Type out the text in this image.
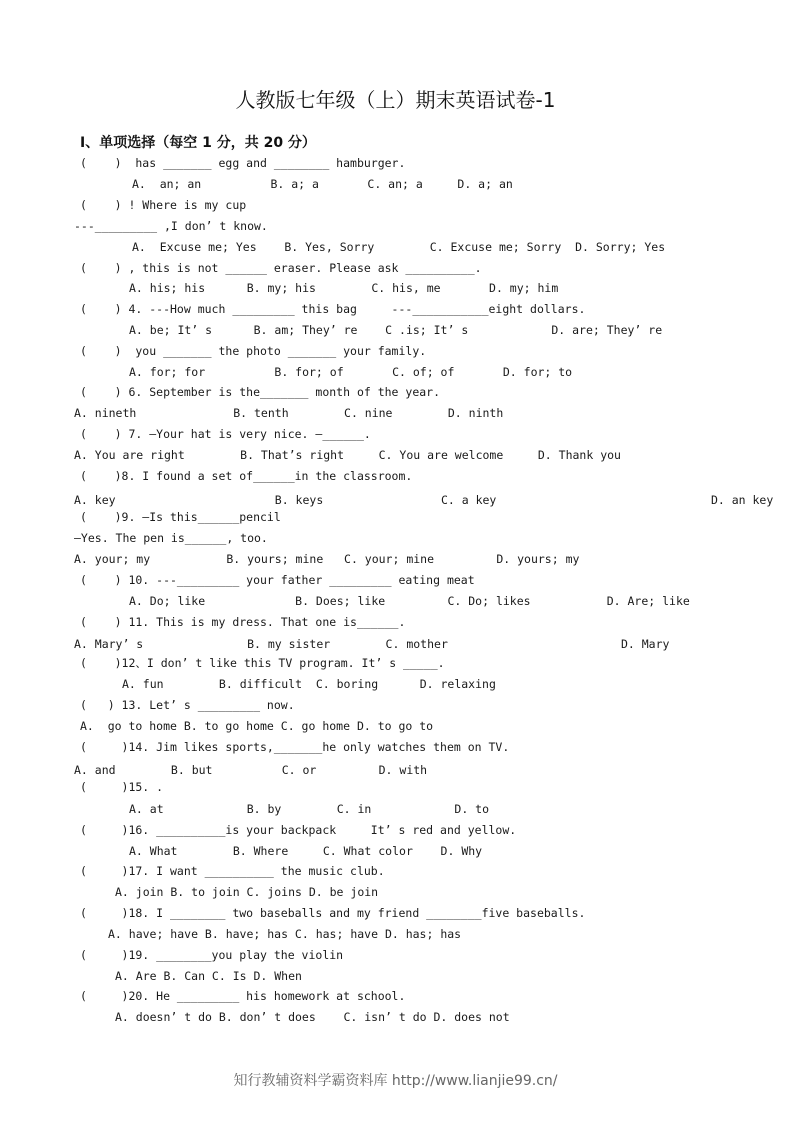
人教版七年级（上）期末英语试卷-1
I、单项选择（每空 1 分，共 20 分）
(    )  has _______ egg and ________ hamburger.
A.  an; an          B. a; a       C. an; a     D. a; an
(    ) ! Where is my cup
---_________ ,I don’ t know.
A.  Excuse me; Yes    B. Yes, Sorry        C. Excuse me; Sorry  D. Sorry; Yes
(    ) , this is not ______ eraser. Please ask __________.
A. his; his      B. my; his        C. his, me       D. my; him
(    ) 4. ---How much _________ this bag     ---___________eight dollars.
A. be; It’ s      B. am; They’ re    C .is; It’ s            D. are; They’ re
(    )  you _______ the photo _______ your family.
A. for; for          B. for; of       C. of; of       D. for; to
(    ) 6. September is the_______ month of the year.
A. nineth              B. tenth        C. nine        D. ninth
(    ) 7. —Your hat is very nice. —______.
A. You are right        B. That’s right     C. You are welcome     D. Thank you
(    )8. I found a set of______in the classroom.
A. key                       B. keys                 C. a key                               D. an key
(    )9. —Is this______pencil
—Yes. The pen is______, too.
A. your; my           B. yours; mine   C. your; mine         D. yours; my
(    ) 10. ---_________ your father _________ eating meat
A. Do; like             B. Does; like         C. Do; likes           D. Are; like
(    ) 11. This is my dress. That one is______.
A. Mary’ s               B. my sister        C. mother                         D. Mary
(    )12、I don’ t like this TV program. It’ s _____.
A. fun        B. difficult  C. boring      D. relaxing
(   ) 13. Let’ s _________ now.
A.  go to home B. to go home C. go home D. to go to
(     )14. Jim likes sports,_______he only watches them on TV.
A. and        B. but          C. or         D. with
(     )15. .
A. at            B. by        C. in            D. to
(     )16. __________is your backpack     It’ s red and yellow.
A. What        B. Where     C. What color    D. Why
(     )17. I want __________ the music club.
A. join B. to join C. joins D. be join
(     )18. I ________ two baseballs and my friend ________five baseballs.
A. have; have B. have; has C. has; have D. has; has
(     )19. ________you play the violin
A. Are B. Can C. Is D. When
(     )20. He _________ his homework at school.
A. doesn’ t do B. don’ t does    C. isn’ t do D. does not
知行教辅资料学霸资料库 http://www.lianjie99.cn/
